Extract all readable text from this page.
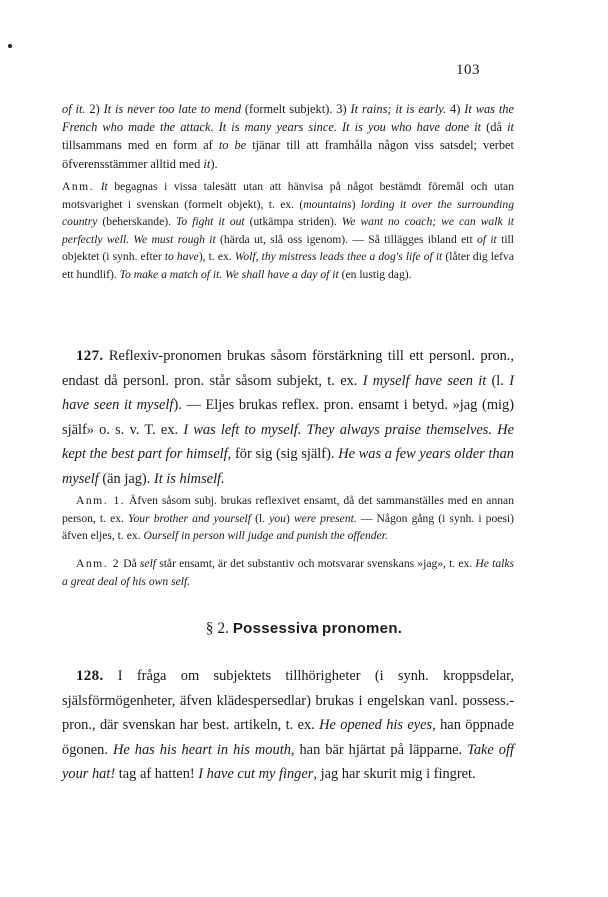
103

of it. 2) It is never too late to mend (formelt subjekt). 3) It rains; it is early. 4) It was the French who made the attack. It is many years since. It is you who have done it (då it tillsammans med en form af to be tjänar till att framhålla någon viss satsdel; verbet öfverensstämmer alltid med it).

Anm. It begagnas i vissa talesätt utan att hänvisa på något bestämdt föremål och utan motsvarighet i svenskan (formelt objekt), t. ex. (mountains) lording it over the surrounding country (beherskande). To fight it out (utkämpa striden). We want no coach; we can walk it perfectly well. We must rough it (härda ut, slå oss igenom). — Så tillägges ibland ett of it till objektet (i synh. efter to have), t. ex. Wolf, thy mistress leads thee a dog's life of it (låter dig lefva ett hundlif). To make a match of it. We shall have a day of it (en lustig dag).

127. Reflexiv-pronomen brukas såsom förstärkning till ett personl. pron., endast då personl. pron. står såsom subjekt, t. ex. I myself have seen it (l. I have seen it myself). — Eljes brukas reflex. pron. ensamt i betyd. »jag (mig) själf» o. s. v. T. ex. I was left to myself. They always praise themselves. He kept the best part for himself, för sig (sig själf). He was a few years older than myself (än jag). It is himself.

Anm. 1. Äfven såsom subj. brukas reflexivet ensamt, då det sammanställes med en annan person, t. ex. Your brother and yourself (l. you) were present. — Någon gång (i synh. i poesi) äfven eljes, t. ex. Ourself in person will judge and punish the offender.

Anm. 2 Då self står ensamt, är det substantiv och motsvarar svenskans »jag», t. ex. He talks a great deal of his own self.

§ 2. Possessiva pronomen.

128. I fråga om subjektets tillhörigheter (i synh. kroppsdelar, själsförmögenheter, äfven klädespersedlar) brukas i engelskan vanl. possess.-pron., där svenskan har best. artikeln, t. ex. He opened his eyes, han öppnade ögonen. He has his heart in his mouth, han bär hjärtat på läpparne. Take off your hat! tag af hatten! I have cut my finger, jag har skurit mig i fingret.
